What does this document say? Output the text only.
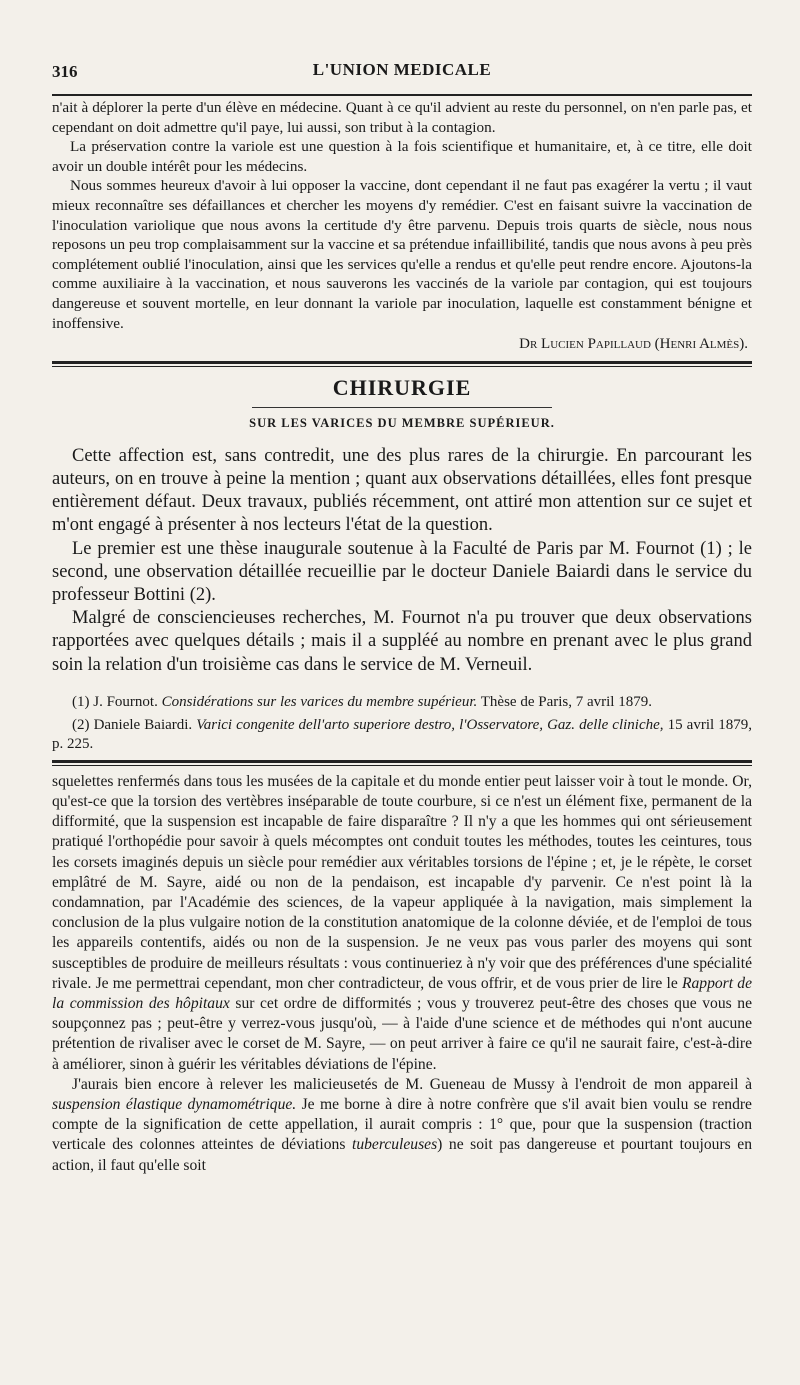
316	L'UNION MEDICALE

n'ait à déplorer la perte d'un élève en médecine. Quant à ce qu'il advient au reste du personnel, on n'en parle pas, et cependant on doit admettre qu'il paye, lui aussi, son tribut à la contagion.

La préservation contre la variole est une question à la fois scientifique et humanitaire, et, à ce titre, elle doit avoir un double intérêt pour les médecins.

Nous sommes heureux d'avoir à lui opposer la vaccine, dont cependant il ne faut pas exagérer la vertu ; il vaut mieux reconnaître ses défaillances et chercher les moyens d'y remédier. C'est en faisant suivre la vaccination de l'inoculation variolique que nous avons la certitude d'y être parvenu. Depuis trois quarts de siècle, nous nous reposons un peu trop complaisamment sur la vaccine et sa prétendue infaillibilité, tandis que nous avons à peu près complétement oublié l'inoculation, ainsi que les services qu'elle a rendus et qu'elle peut rendre encore. Ajoutons-la comme auxiliaire à la vaccination, et nous sauverons les vaccinés de la variole par contagion, qui est toujours dangereuse et souvent mortelle, en leur donnant la variole par inoculation, laquelle est constamment bénigne et inoffensive.

Dr Lucien Papillaud (Henri Almès).
CHIRURGIE
SUR LES VARICES DU MEMBRE SUPÉRIEUR.

Cette affection est, sans contredit, une des plus rares de la chirurgie. En parcourant les auteurs, on en trouve à peine la mention ; quant aux observations détaillées, elles font presque entièrement défaut. Deux travaux, publiés récemment, ont attiré mon attention sur ce sujet et m'ont engagé à présenter à nos lecteurs l'état de la question.

Le premier est une thèse inaugurale soutenue à la Faculté de Paris par M. Fournot (1) ; le second, une observation détaillée recueillie par le docteur Daniele Baiardi dans le service du professeur Bottini (2).

Malgré de consciencieuses recherches, M. Fournot n'a pu trouver que deux observations rapportées avec quelques détails ; mais il a suppléé au nombre en prenant avec le plus grand soin la relation d'un troisième cas dans le service de M. Verneuil.

(1) J. Fournot. Considérations sur les varices du membre supérieur. Thèse de Paris, 7 avril 1879.

(2) Daniele Baiardi. Varici congenite dell'arto superiore destro, l'Osservatore, Gaz. delle cliniche, 15 avril 1879, p. 225.

squelettes renfermés dans tous les musées de la capitale et du monde entier peut laisser voir à tout le monde. Or, qu'est-ce que la torsion des vertèbres inséparable de toute courbure, si ce n'est un élément fixe, permanent de la difformité, que la suspension est incapable de faire disparaître ? Il n'y a que les hommes qui ont sérieusement pratiqué l'orthopédie pour savoir à quels mécomptes ont conduit toutes les méthodes, toutes les ceintures, tous les corsets imaginés depuis un siècle pour remédier aux véritables torsions de l'épine ; et, je le répète, le corset emplâtré de M. Sayre, aidé ou non de la pendaison, est incapable d'y parvenir. Ce n'est point là la condamnation, par l'Académie des sciences, de la vapeur appliquée à la navigation, mais simplement la conclusion de la plus vulgaire notion de la constitution anatomique de la colonne déviée, et de l'emploi de tous les appareils contentifs, aidés ou non de la suspension. Je ne veux pas vous parler des moyens qui sont susceptibles de produire de meilleurs résultats : vous continueriez à n'y voir que des préférences d'une spécialité rivale. Je me permettrai cependant, mon cher contradicteur, de vous offrir, et de vous prier de lire le Rapport de la commission des hôpitaux sur cet ordre de difformités ; vous y trouverez peut-être des choses que vous ne soupçonnez pas ; peut-être y verrez-vous jusqu'où, — à l'aide d'une science et de méthodes qui n'ont aucune prétention de rivaliser avec le corset de M. Sayre, — on peut arriver à faire ce qu'il ne saurait faire, c'est-à-dire à améliorer, sinon à guérir les véritables déviations de l'épine.

J'aurais bien encore à relever les malicieusetés de M. Gueneau de Mussy à l'endroit de mon appareil à suspension élastique dynamométrique. Je me borne à dire à notre confrère que s'il avait bien voulu se rendre compte de la signification de cette appellation, il aurait compris : 1° que, pour que la suspension (traction verticale des colonnes atteintes de déviations tuberculeuses) ne soit pas dangereuse et pourtant toujours en action, il faut qu'elle soit
